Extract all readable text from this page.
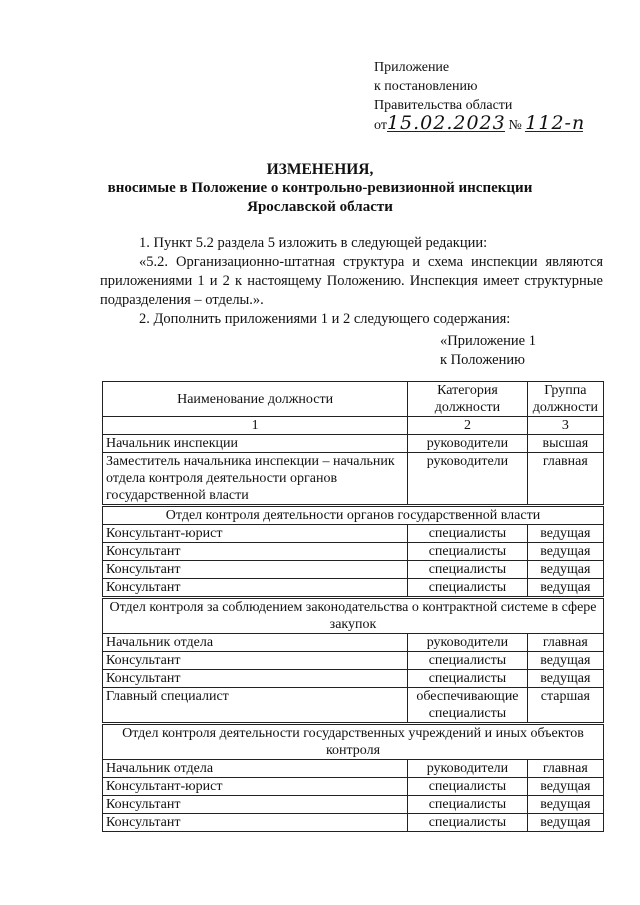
Приложение
к постановлению
Правительства области
от15.02.2023 № 112-п
ИЗМЕНЕНИЯ,
вносимые в Положение о контрольно-ревизионной инспекции
Ярославской области

1. Пункт 5.2 раздела 5 изложить в следующей редакции:

«5.2. Организационно-штатная структура и схема инспекции являются приложениями 1 и 2 к настоящему Положению. Инспекция имеет структурные подразделения – отделы.».

2. Дополнить приложениями 1 и 2 следующего содержания:

«Приложение 1
к Положению
Наименование должности	Категория должности	Группа должности
1	2	3
Начальник инспекции	руководители	высшая
Заместитель начальника инспекции – начальник отдела контроля деятельности органов государственной власти	руководители	главная
Отдел контроля деятельности органов государственной власти		
Консультант-юрист	специалисты	ведущая
Консультант	специалисты	ведущая
Консультант	специалисты	ведущая
Консультант	специалисты	ведущая
Отдел контроля за соблюдением законодательства о контрактной системе в сфере закупок		
Начальник отдела	руководители	главная
Консультант	специалисты	ведущая
Консультант	специалисты	ведущая
Главный специалист	обеспечивающие специалисты	старшая
Отдел контроля деятельности государственных учреждений и иных объектов контроля		
Начальник отдела	руководители	главная
Консультант-юрист	специалисты	ведущая
Консультант	специалисты	ведущая
Консультант	специалисты	ведущая
